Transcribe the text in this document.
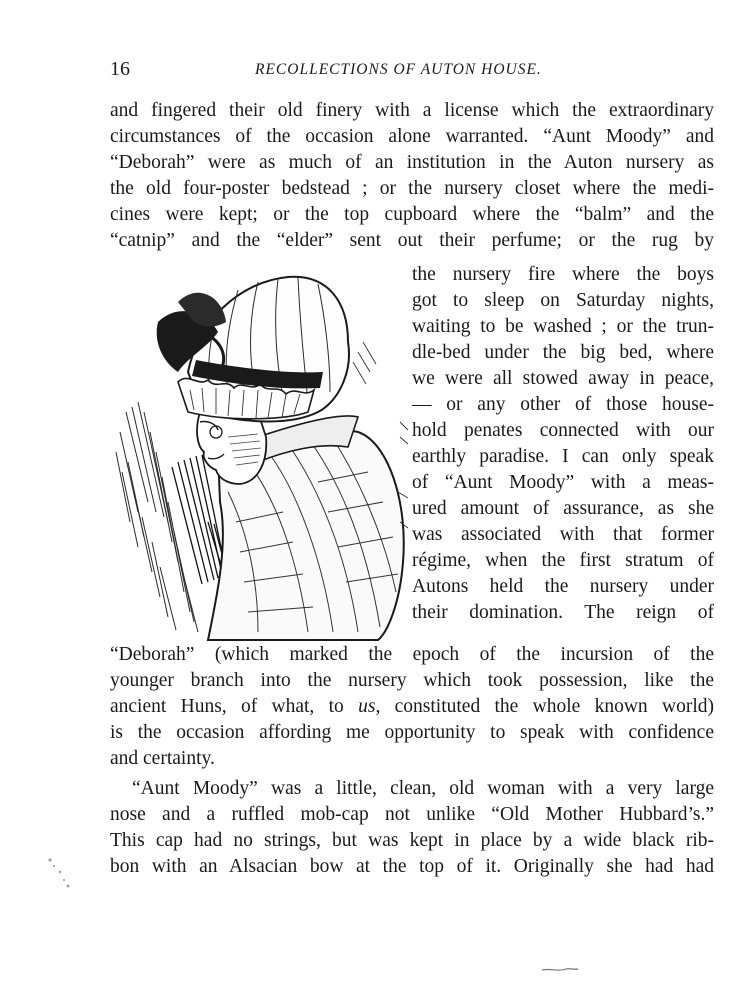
16	RECOLLECTIONS OF AUTON HOUSE.
and fingered their old finery with a license which the extraordinary
circumstances of the occasion alone warranted. “Aunt Moody” and
“Deborah” were as much of an institution in the Auton nursery as
the old four-poster bedstead ; or the nursery closet where the medi-
cines were kept; or the top cupboard where the “balm” and the
“catnip” and the “elder” sent out their perfume; or the rug by
the nursery fire where the boys
got to sleep on Saturday nights,
waiting to be washed ; or the trun-
dle-bed under the big bed, where
we were all stowed away in peace,
— or any other of those house-
hold penates connected with our
earthly paradise. I can only speak
of “Aunt Moody” with a meas-
ured amount of assurance, as she
was associated with that former
régime, when the first stratum of
Autons held the nursery under
their domination. The reign of
“Deborah” (which marked the epoch of the incursion of the
younger branch into the nursery which took possession, like the
ancient Huns, of what, to us, constituted the whole known world)
is the occasion affording me opportunity to speak with confidence
and certainty.
“Aunt Moody” was a little, clean, old woman with a very large
nose and a ruffled mob-cap not unlike “Old Mother Hubbard’s.”
This cap had no strings, but was kept in place by a wide black rib-
bon with an Alsacian bow at the top of it. Originally she had had
